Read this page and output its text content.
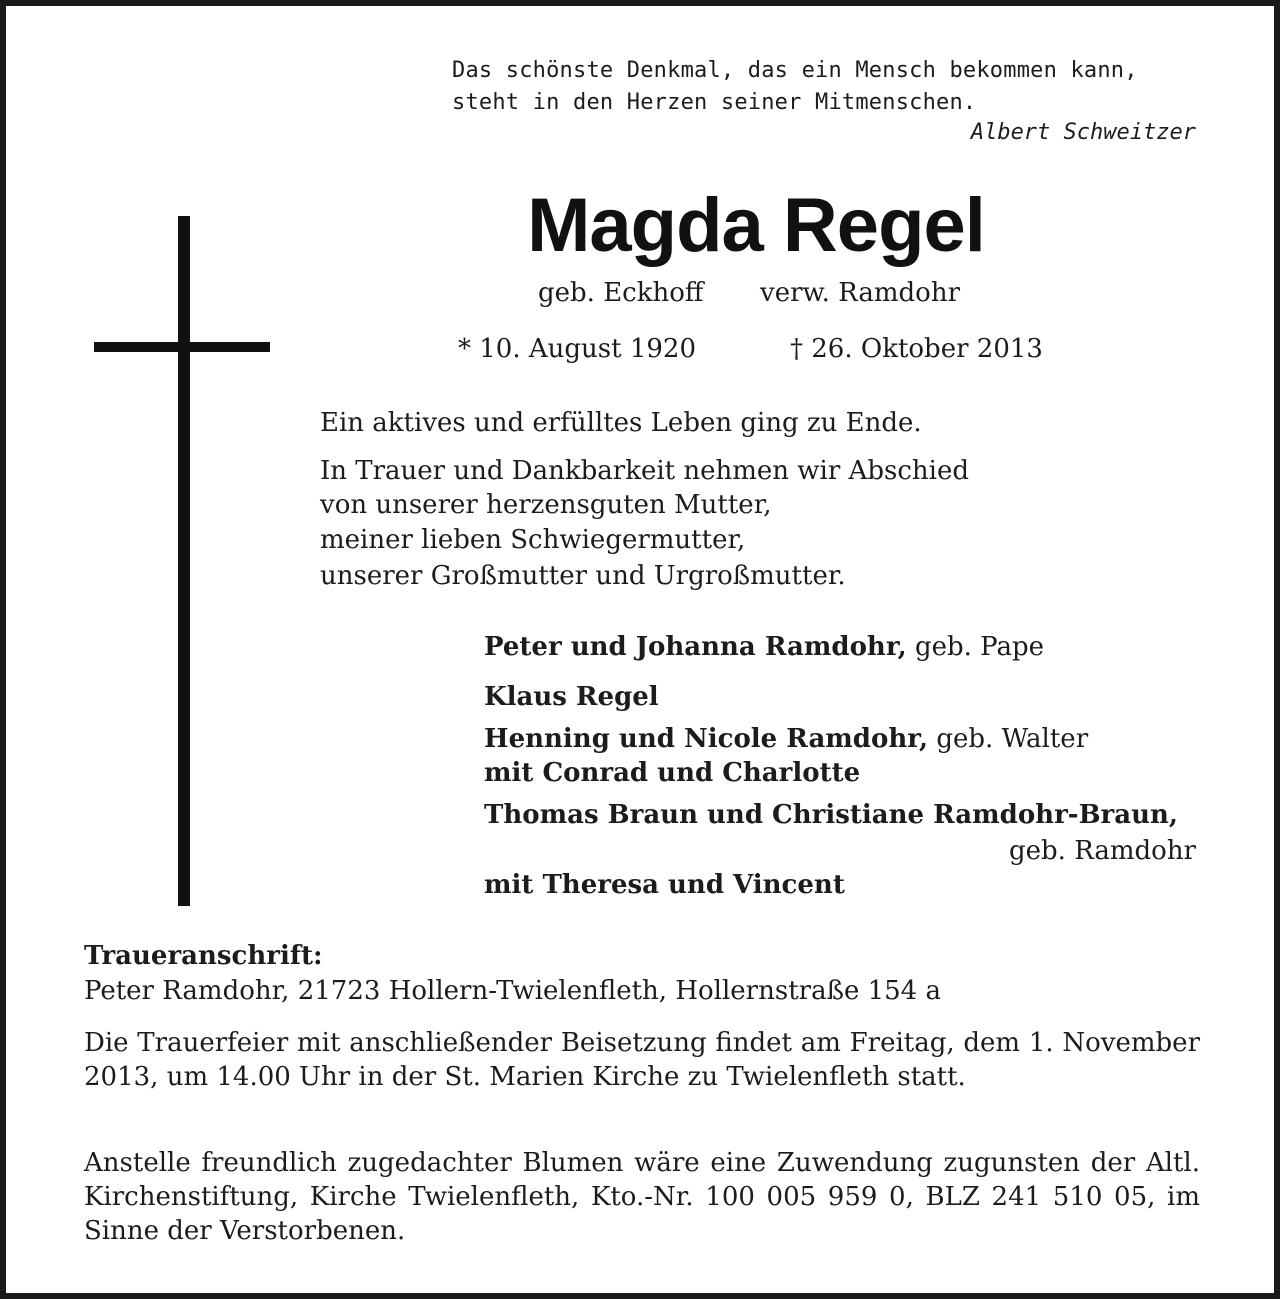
Das schönste Denkmal, das ein Mensch bekommen kann,
steht in den Herzen seiner Mitmenschen.
Albert Schweitzer
Magda Regel
geb. Eckhoff verw. Ramdohr
* 10. August 1920	† 26. Oktober 2013
Ein aktives und erfülltes Leben ging zu Ende.
In Trauer und Dankbarkeit nehmen wir Abschied
von unserer herzensguten Mutter,
meiner lieben Schwiegermutter,
unserer Großmutter und Urgroßmutter.
Peter und Johanna Ramdohr, geb. Pape
Klaus Regel
Henning und Nicole Ramdohr, geb. Walter
mit Conrad und Charlotte
Thomas Braun und Christiane Ramdohr-Braun,
geb. Ramdohr
mit Theresa und Vincent
Traueranschrift:
Peter Ramdohr, 21723 Hollern-Twielenfleth, Hollernstraße 154 a
Die Trauerfeier mit anschließender Beisetzung findet am Freitag, dem 1. November 2013, um 14.00 Uhr in der St. Marien Kirche zu Twielenfleth statt.
Anstelle freundlich zugedachter Blumen wäre eine Zuwendung zugunsten der Altl. Kirchenstiftung, Kirche Twielenfleth, Kto.-Nr. 100 005 959 0, BLZ 241 510 05, im Sinne der Verstorbenen.
